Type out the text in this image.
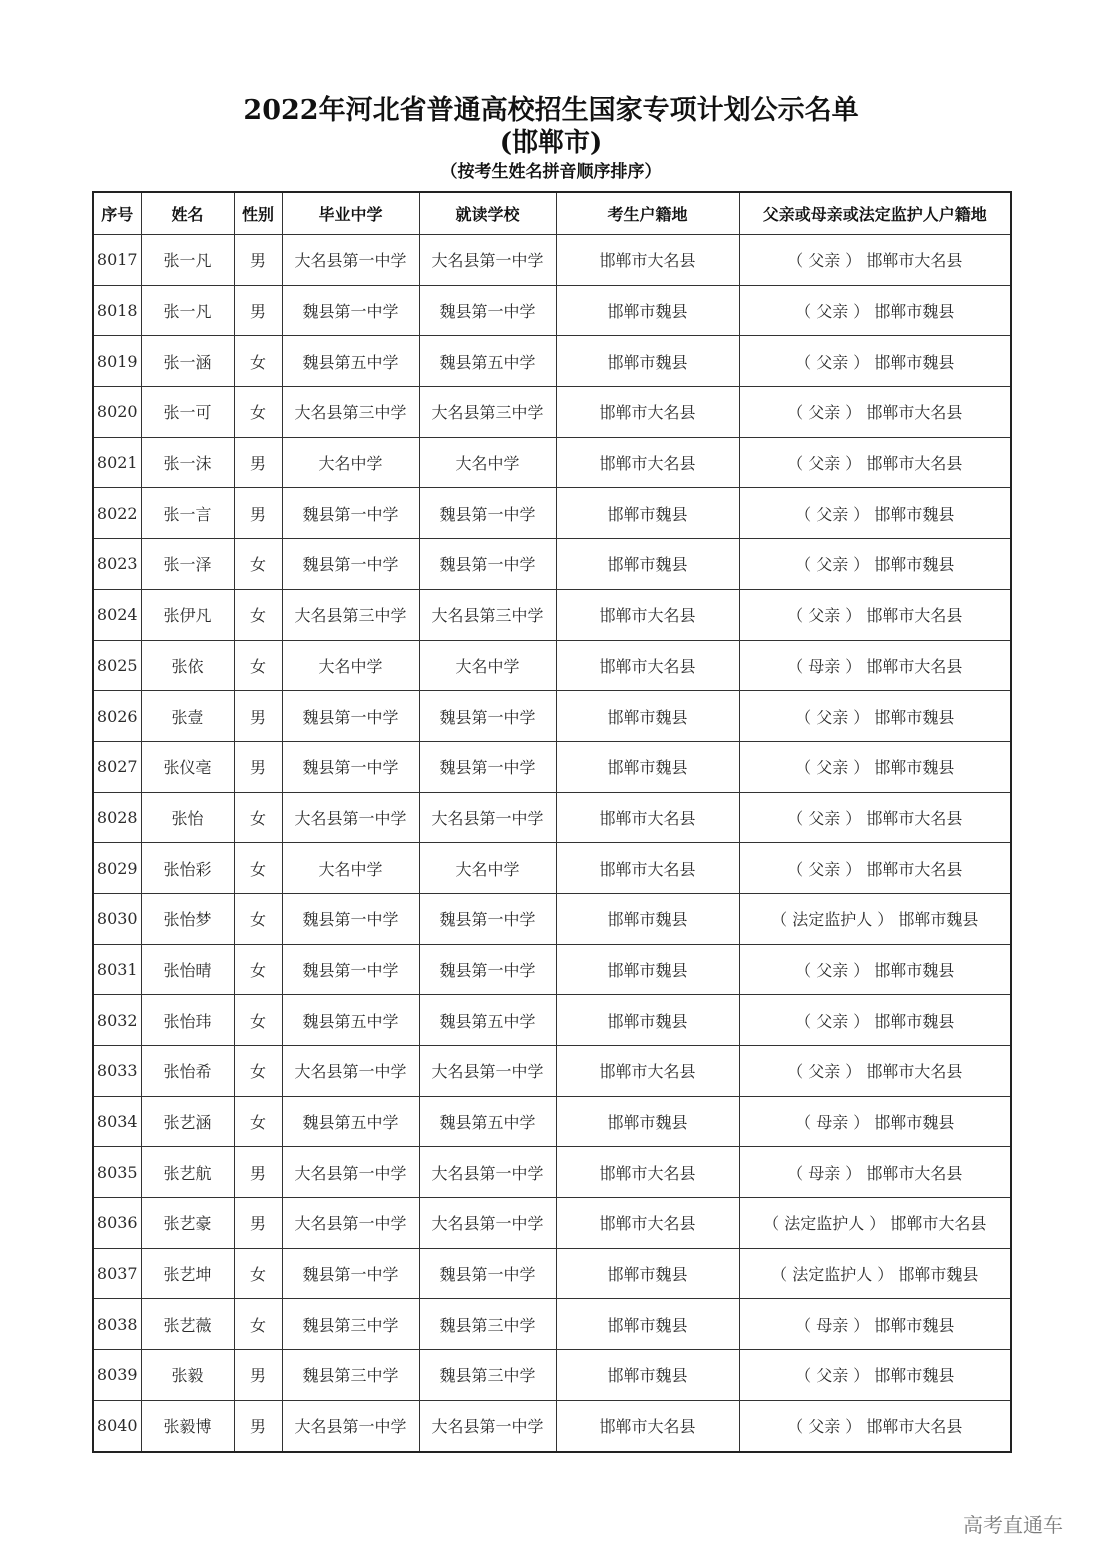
2022年河北省普通高校招生国家专项计划公示名单
(邯郸市)
（按考生姓名拼音顺序排序）
序号	姓名	性别	毕业中学	就读学校	考生户籍地	父亲或母亲或法定监护人户籍地
8017	张一凡	男	大名县第一中学	大名县第一中学	邯郸市大名县	（ 父亲 ） 邯郸市大名县
8018	张一凡	男	魏县第一中学	魏县第一中学	邯郸市魏县	（ 父亲 ） 邯郸市魏县
8019	张一涵	女	魏县第五中学	魏县第五中学	邯郸市魏县	（ 父亲 ） 邯郸市魏县
8020	张一可	女	大名县第三中学	大名县第三中学	邯郸市大名县	（ 父亲 ） 邯郸市大名县
8021	张一沫	男	大名中学	大名中学	邯郸市大名县	（ 父亲 ） 邯郸市大名县
8022	张一言	男	魏县第一中学	魏县第一中学	邯郸市魏县	（ 父亲 ） 邯郸市魏县
8023	张一泽	女	魏县第一中学	魏县第一中学	邯郸市魏县	（ 父亲 ） 邯郸市魏县
8024	张伊凡	女	大名县第三中学	大名县第三中学	邯郸市大名县	（ 父亲 ） 邯郸市大名县
8025	张依	女	大名中学	大名中学	邯郸市大名县	（ 母亲 ） 邯郸市大名县
8026	张壹	男	魏县第一中学	魏县第一中学	邯郸市魏县	（ 父亲 ） 邯郸市魏县
8027	张仪亳	男	魏县第一中学	魏县第一中学	邯郸市魏县	（ 父亲 ） 邯郸市魏县
8028	张怡	女	大名县第一中学	大名县第一中学	邯郸市大名县	（ 父亲 ） 邯郸市大名县
8029	张怡彩	女	大名中学	大名中学	邯郸市大名县	（ 父亲 ） 邯郸市大名县
8030	张怡梦	女	魏县第一中学	魏县第一中学	邯郸市魏县	（ 法定监护人 ） 邯郸市魏县
8031	张怡晴	女	魏县第一中学	魏县第一中学	邯郸市魏县	（ 父亲 ） 邯郸市魏县
8032	张怡玮	女	魏县第五中学	魏县第五中学	邯郸市魏县	（ 父亲 ） 邯郸市魏县
8033	张怡希	女	大名县第一中学	大名县第一中学	邯郸市大名县	（ 父亲 ） 邯郸市大名县
8034	张艺涵	女	魏县第五中学	魏县第五中学	邯郸市魏县	（ 母亲 ） 邯郸市魏县
8035	张艺航	男	大名县第一中学	大名县第一中学	邯郸市大名县	（ 母亲 ） 邯郸市大名县
8036	张艺豪	男	大名县第一中学	大名县第一中学	邯郸市大名县	（ 法定监护人 ） 邯郸市大名县
8037	张艺坤	女	魏县第一中学	魏县第一中学	邯郸市魏县	（ 法定监护人 ） 邯郸市魏县
8038	张艺薇	女	魏县第三中学	魏县第三中学	邯郸市魏县	（ 母亲 ） 邯郸市魏县
8039	张毅	男	魏县第三中学	魏县第三中学	邯郸市魏县	（ 父亲 ） 邯郸市魏县
8040	张毅博	男	大名县第一中学	大名县第一中学	邯郸市大名县	（ 父亲 ） 邯郸市大名县
高考直通车
